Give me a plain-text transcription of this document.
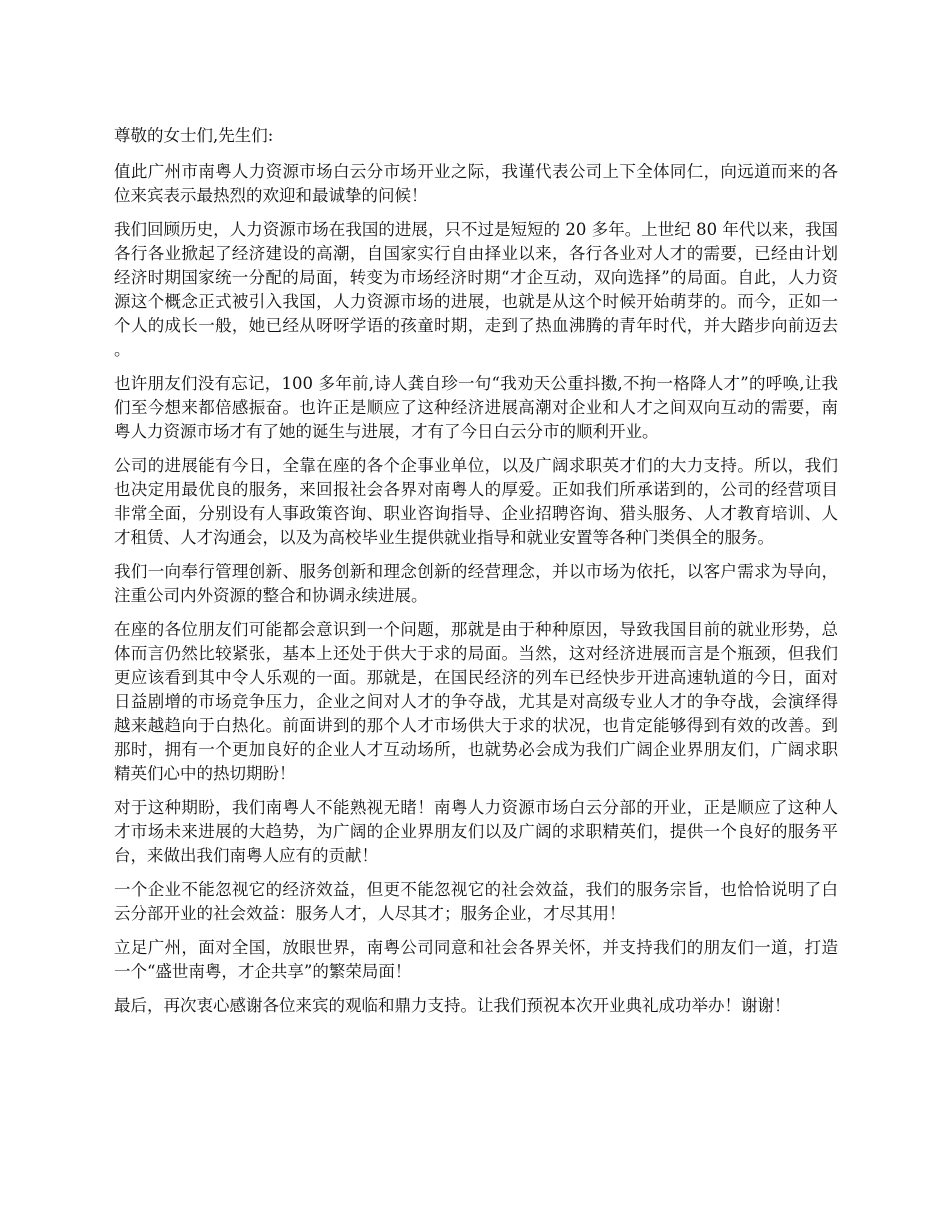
尊敬的女士们,先生们:

值此广州市南粤人力资源市场白云分市场开业之际，我谨代表公司上下全体同仁，向远道而来的各位来宾表示最热烈的欢迎和最诚挚的问候！

我们回顾历史，人力资源市场在我国的进展，只不过是短短的 20 多年。上世纪 80 年代以来，我国各行各业掀起了经济建设的高潮，自国家实行自由择业以来，各行各业对人才的需要，已经由计划经济时期国家统一分配的局面，转变为市场经济时期“才企互动，双向选择”的局面。自此，人力资源这个概念正式被引入我国，人力资源市场的进展，也就是从这个时候开始萌芽的。而今，正如一个人的成长一般，她已经从呀呀学语的孩童时期，走到了热血沸腾的青年时代，并大踏步向前迈去。

也许朋友们没有忘记，100 多年前,诗人龚自珍一句“我劝天公重抖擞,不拘一格降人才”的呼唤,让我们至今想来都倍感振奋。也许正是顺应了这种经济进展高潮对企业和人才之间双向互动的需要，南粤人力资源市场才有了她的诞生与进展，才有了今日白云分市的顺利开业。

公司的进展能有今日，全靠在座的各个企事业单位，以及广阔求职英才们的大力支持。所以，我们也决定用最优良的服务，来回报社会各界对南粤人的厚爱。正如我们所承诺到的，公司的经营项目非常全面，分别设有人事政策咨询、职业咨询指导、企业招聘咨询、猎头服务、人才教育培训、人才租赁、人才沟通会，以及为高校毕业生提供就业指导和就业安置等各种门类俱全的服务。

我们一向奉行管理创新、服务创新和理念创新的经营理念，并以市场为依托，以客户需求为导向，注重公司内外资源的整合和协调永续进展。

在座的各位朋友们可能都会意识到一个问题，那就是由于种种原因，导致我国目前的就业形势，总体而言仍然比较紧张，基本上还处于供大于求的局面。当然，这对经济进展而言是个瓶颈，但我们更应该看到其中令人乐观的一面。那就是，在国民经济的列车已经快步开进高速轨道的今日，面对日益剧增的市场竞争压力，企业之间对人才的争夺战，尤其是对高级专业人才的争夺战，会演绎得越来越趋向于白热化。前面讲到的那个人才市场供大于求的状况，也肯定能够得到有效的改善。到那时，拥有一个更加良好的企业人才互动场所，也就势必会成为我们广阔企业界朋友们，广阔求职精英们心中的热切期盼！

对于这种期盼，我们南粤人不能熟视无睹！南粤人力资源市场白云分部的开业，正是顺应了这种人才市场未来进展的大趋势，为广阔的企业界朋友们以及广阔的求职精英们，提供一个良好的服务平台，来做出我们南粤人应有的贡献！

一个企业不能忽视它的经济效益，但更不能忽视它的社会效益，我们的服务宗旨，也恰恰说明了白云分部开业的社会效益：服务人才，人尽其才；服务企业，才尽其用！

立足广州，面对全国，放眼世界，南粤公司同意和社会各界关怀，并支持我们的朋友们一道，打造一个“盛世南粤，才企共享”的繁荣局面！

最后，再次衷心感谢各位来宾的观临和鼎力支持。让我们预祝本次开业典礼成功举办！谢谢！
